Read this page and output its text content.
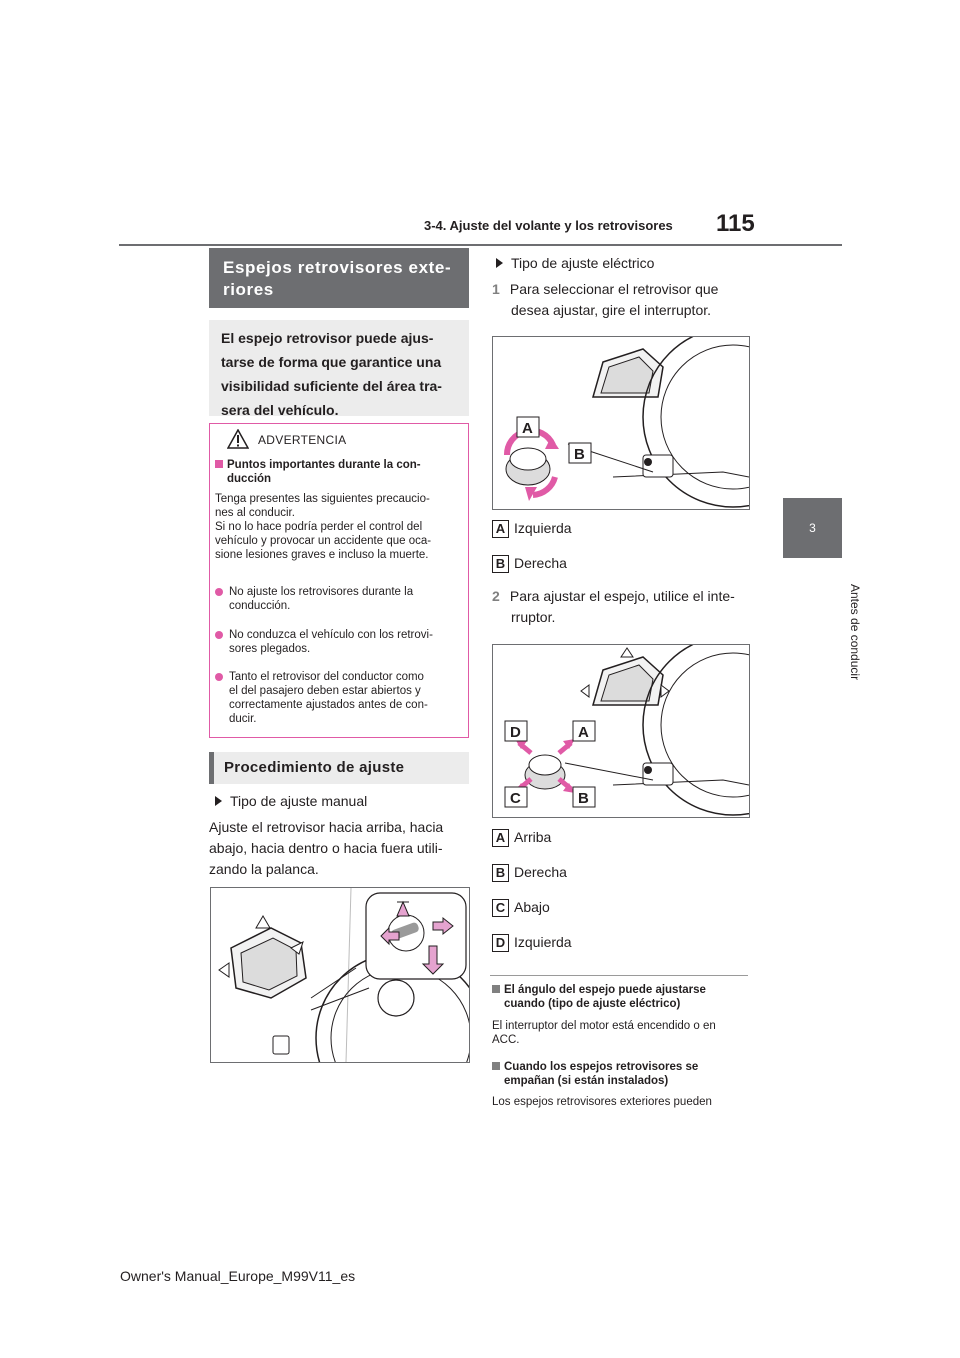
3-4. Ajuste del volante y los retrovisores 115
3
Antes de conducir
Espejos retrovisores exte-
riores
El espejo retrovisor puede ajus-
tarse de forma que garantice una
visibilidad suficiente del área tra-
sera del vehículo.
ADVERTENCIA
Puntos importantes durante la con-
ducción
Tenga presentes las siguientes precaucio-
nes al conducir.
Si no lo hace podría perder el control del
vehículo y provocar un accidente que oca-
sione lesiones graves e incluso la muerte.
No ajuste los retrovisores durante la
conducción.
No conduzca el vehículo con los retrovi-
sores plegados.
Tanto el retrovisor del conductor como
el del pasajero deben estar abiertos y
correctamente ajustados antes de con-
ducir.
Procedimiento de ajuste
Tipo de ajuste manual
Ajuste el retrovisor hacia arriba, hacia
abajo, hacia dentro o hacia fuera utili-
zando la palanca.
Tipo de ajuste eléctrico
1 Para seleccionar el retrovisor que
desea ajustar, gire el interruptor.
A
B
A Izquierda
B Derecha
2 Para ajustar el espejo, utilice el inte-
rruptor.
D	A
C	B
A Arriba
B Derecha
C Abajo
D Izquierda
El ángulo del espejo puede ajustarse
cuando (tipo de ajuste eléctrico)
El interruptor del motor está encendido o en
ACC.
Cuando los espejos retrovisores se
empañan (si están instalados)
Los espejos retrovisores exteriores pueden
Owner's Manual_Europe_M99V11_es
